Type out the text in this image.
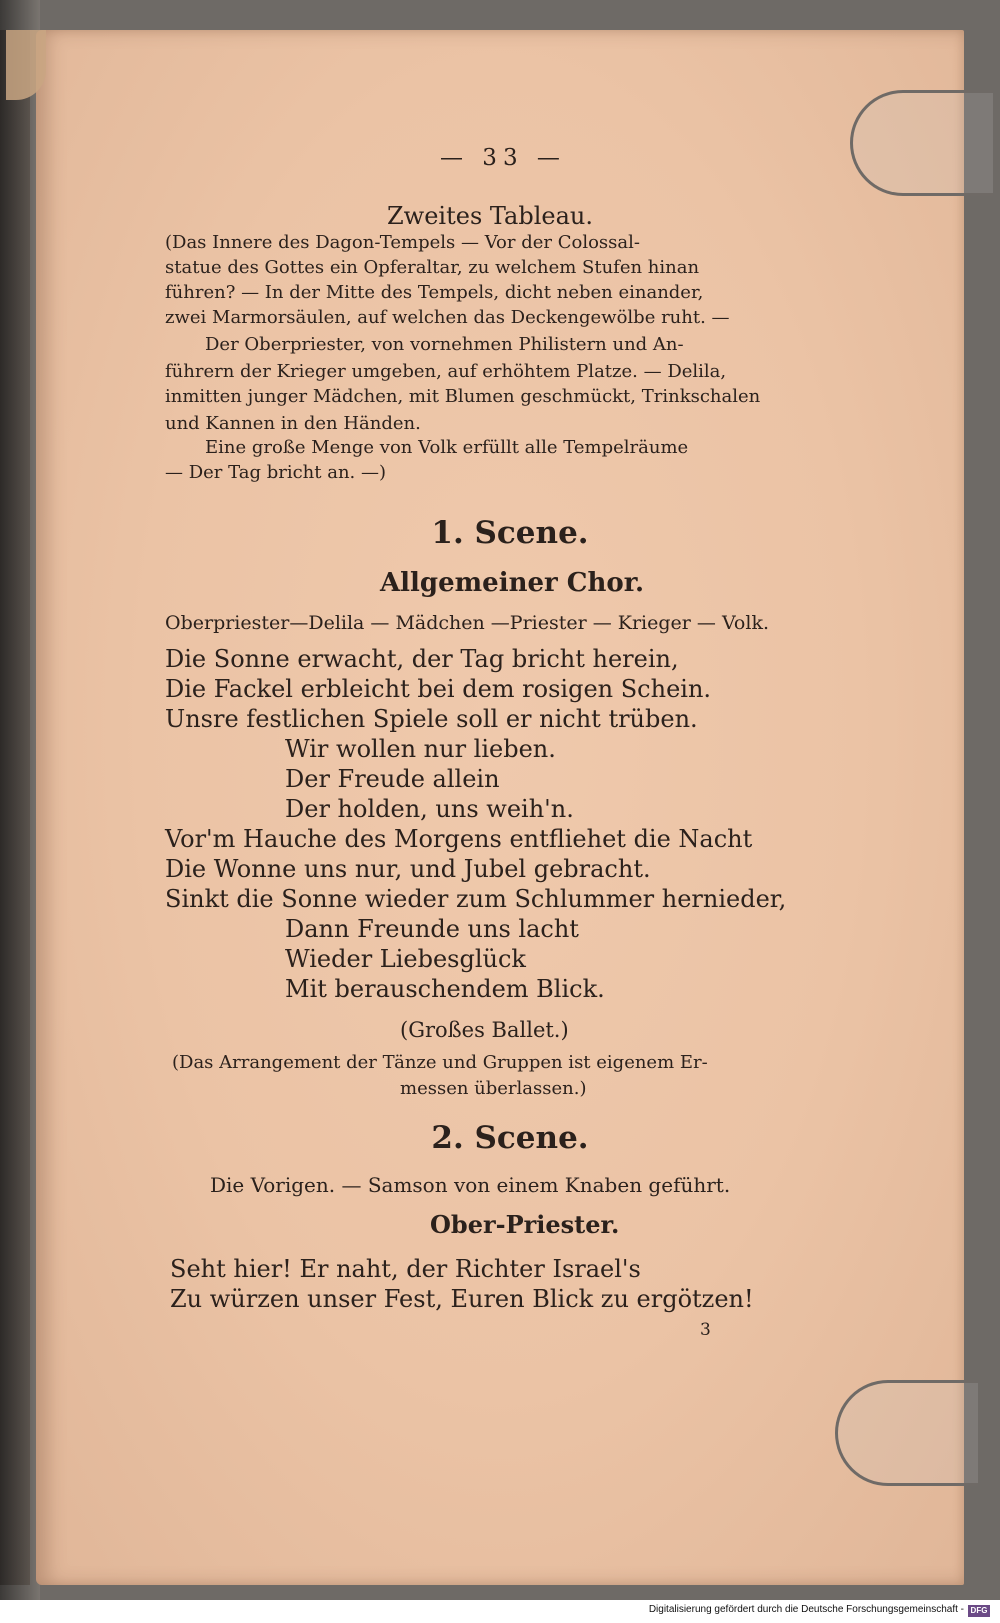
— 33 —
Zweites Tableau.
(Das Innere des Dagon-Tempels — Vor der Colossal-
statue des Gottes ein Opferaltar, zu welchem Stufen hinan
führen? — In der Mitte des Tempels, dicht neben einander,
zwei Marmorsäulen, auf welchen das Deckengewölbe ruht. —
Der Oberpriester, von vornehmen Philistern und An-
führern der Krieger umgeben, auf erhöhtem Platze. — Delila,
inmitten junger Mädchen, mit Blumen geschmückt, Trinkschalen
und Kannen in den Händen.
Eine große Menge von Volk erfüllt alle Tempelräume
— Der Tag bricht an. —)
1. Scene.
Allgemeiner Chor.
Oberpriester—Delila — Mädchen —Priester — Krieger — Volk.
Die Sonne erwacht, der Tag bricht herein,
Die Fackel erbleicht bei dem rosigen Schein.
Unsre festlichen Spiele soll er nicht trüben.
Wir wollen nur lieben.
Der Freude allein
Der holden, uns weih'n.
Vor'm Hauche des Morgens entfliehet die Nacht
Die Wonne uns nur, und Jubel gebracht.
Sinkt die Sonne wieder zum Schlummer hernieder,
Dann Freunde uns lacht
Wieder Liebesglück
Mit berauschendem Blick.
(Großes Ballet.)
(Das Arrangement der Tänze und Gruppen ist eigenem Er-
messen überlassen.)
2. Scene.
Die Vorigen. — Samson von einem Knaben geführt.
Ober-Priester.
Seht hier! Er naht, der Richter Israel's
Zu würzen unser Fest, Euren Blick zu ergötzen!
3
Digitalisierung gefördert durch die Deutsche Forschungsgemeinschaft - DFG
